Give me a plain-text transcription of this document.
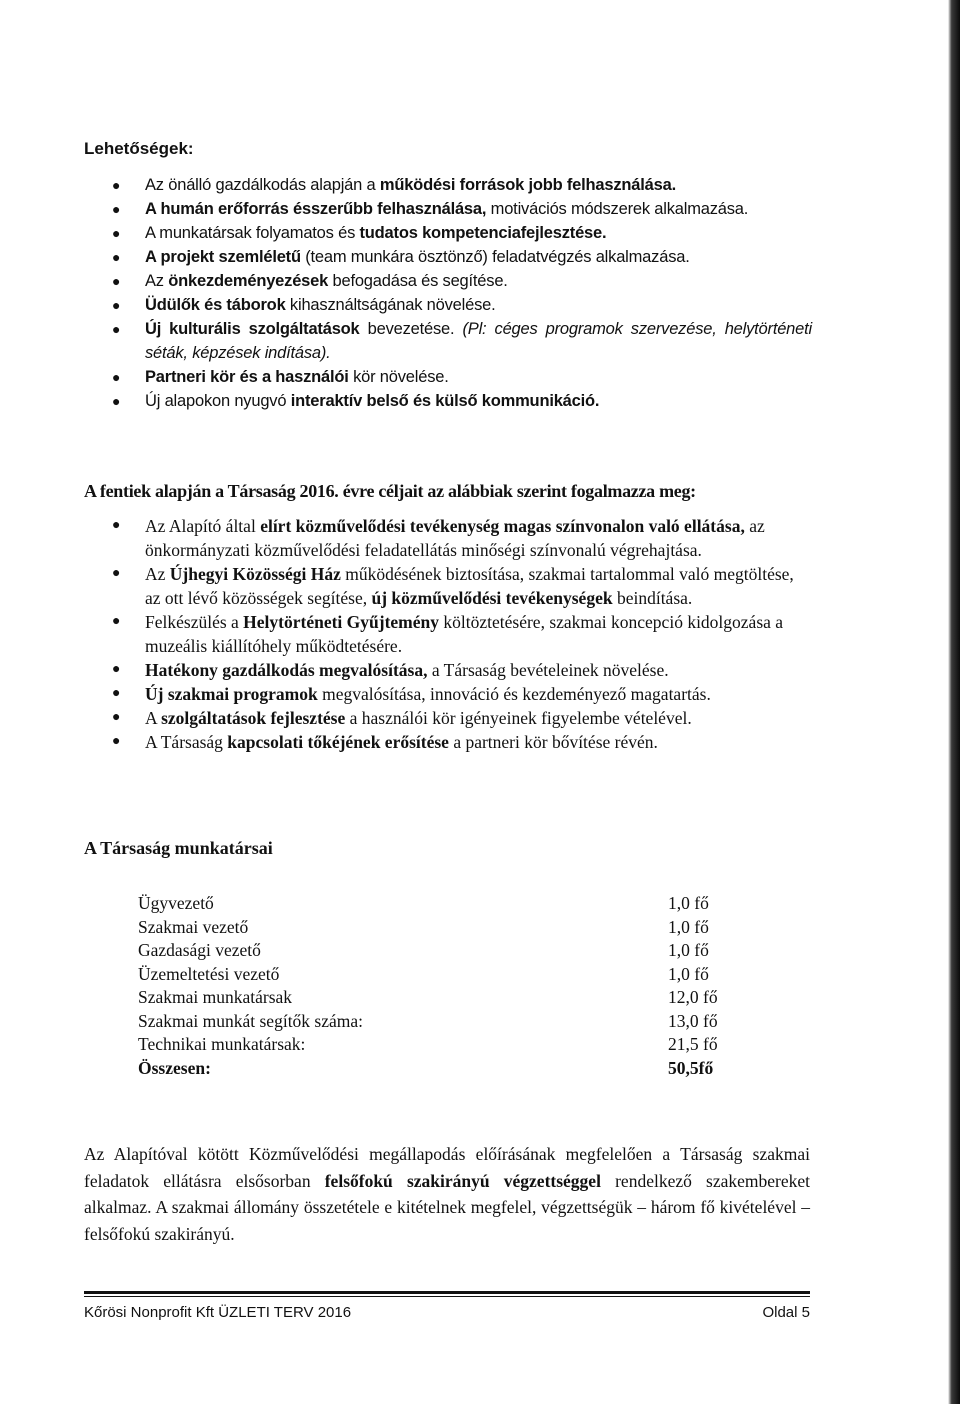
Lehetőségek:
● Az önálló gazdálkodás alapján a működési források jobb felhasználása.
● A humán erőforrás ésszerűbb felhasználása, motivációs módszerek alkalmazása.
● A munkatársak folyamatos és tudatos kompetenciafejlesztése.
● A projekt szemléletű (team munkára ösztönző) feladatvégzés alkalmazása.
● Az önkezdeményezések befogadása és segítése.
● Üdülők és táborok kihasználtságának növelése.
● Új kulturális szolgáltatások bevezetése. (Pl: céges programok szervezése, helytörténeti séták, képzések indítása).
● Partneri kör és a használói kör növelése.
● Új alapokon nyugvó interaktív belső és külső kommunikáció.
A fentiek alapján a Társaság 2016. évre céljait az alábbiak szerint fogalmazza meg:
● Az Alapító által elírt közművelődési tevékenység magas színvonalon való ellátása, az önkormányzati közművelődési feladatellátás minőségi színvonalú végrehajtása.
● Az Újhegyi Közösségi Ház működésének biztosítása, szakmai tartalommal való megtöltése, az ott lévő közösségek segítése, új közművelődési tevékenységek beindítása.
● Felkészülés a Helytörténeti Gyűjtemény költöztetésére, szakmai koncepció kidolgozása a muzeális kiállítóhely működtetésére.
● Hatékony gazdálkodás megvalósítása, a Társaság bevételeinek növelése.
● Új szakmai programok megvalósítása, innováció és kezdeményező magatartás.
● A szolgáltatások fejlesztése a használói kör igényeinek figyelembe vételével.
● A Társaság kapcsolati tőkéjének erősítése a partneri kör bővítése révén.
A Társaság munkatársai
Ügyvezető	1,0 fő
Szakmai vezető	1,0 fő
Gazdasági vezető	1,0 fő
Üzemeltetési vezető	1,0 fő
Szakmai munkatársak	12,0 fő
Szakmai munkát segítők száma:	13,0 fő
Technikai munkatársak:	21,5 fő
Összesen:	50,5fő

Az Alapítóval kötött Közművelődési megállapodás előírásának megfelelően a Társaság szakmai feladatok ellátásra elsősorban felsőfokú szakirányú végzettséggel rendelkező szakembereket alkalmaz. A szakmai állomány összetétele e kitételnek megfelel, végzettségük – három fő kivételével – felsőfokú szakirányú.

Kőrösi Nonprofit Kft ÜZLETI TERV 2016	Oldal 5
